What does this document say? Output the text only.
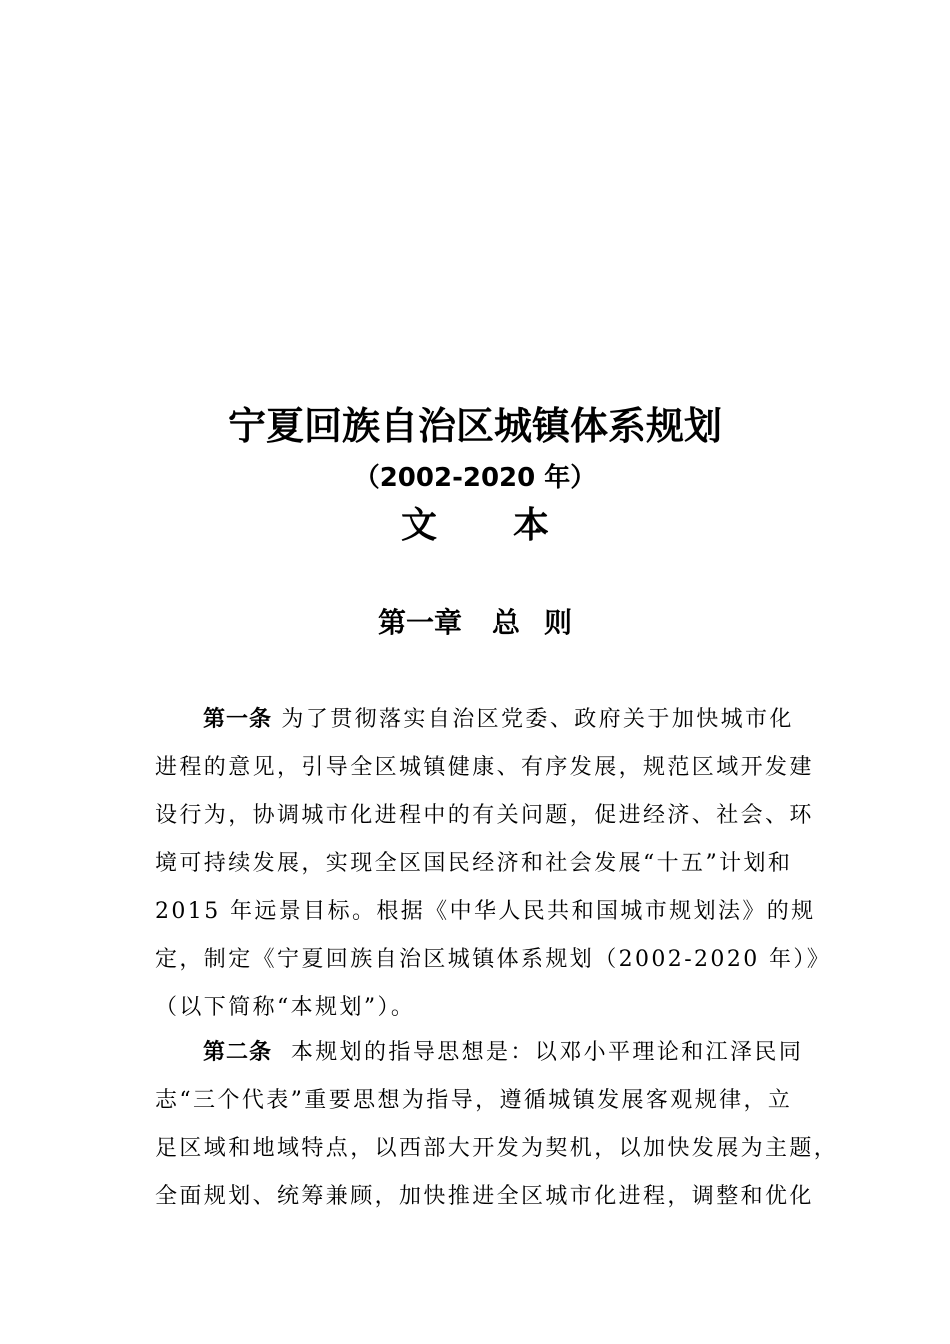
宁夏回族自治区城镇体系规划
（2002-2020 年）
文 本
第一章 总 则
第一条 为了贯彻落实自治区党委、政府关于加快城市化
进程的意见，引导全区城镇健康、有序发展，规范区域开发建
设行为，协调城市化进程中的有关问题，促进经济、社会、环
境可持续发展，实现全区国民经济和社会发展“十五”计划和
2015 年远景目标。根据《中华人民共和国城市规划法》的规
定，制定《宁夏回族自治区城镇体系规划（2002-2020 年）》
（以下简称“本规划”）。
第二条 本规划的指导思想是：以邓小平理论和江泽民同
志“三个代表”重要思想为指导，遵循城镇发展客观规律，立
足区域和地域特点，以西部大开发为契机，以加快发展为主题，
全面规划、统筹兼顾，加快推进全区城市化进程，调整和优化
